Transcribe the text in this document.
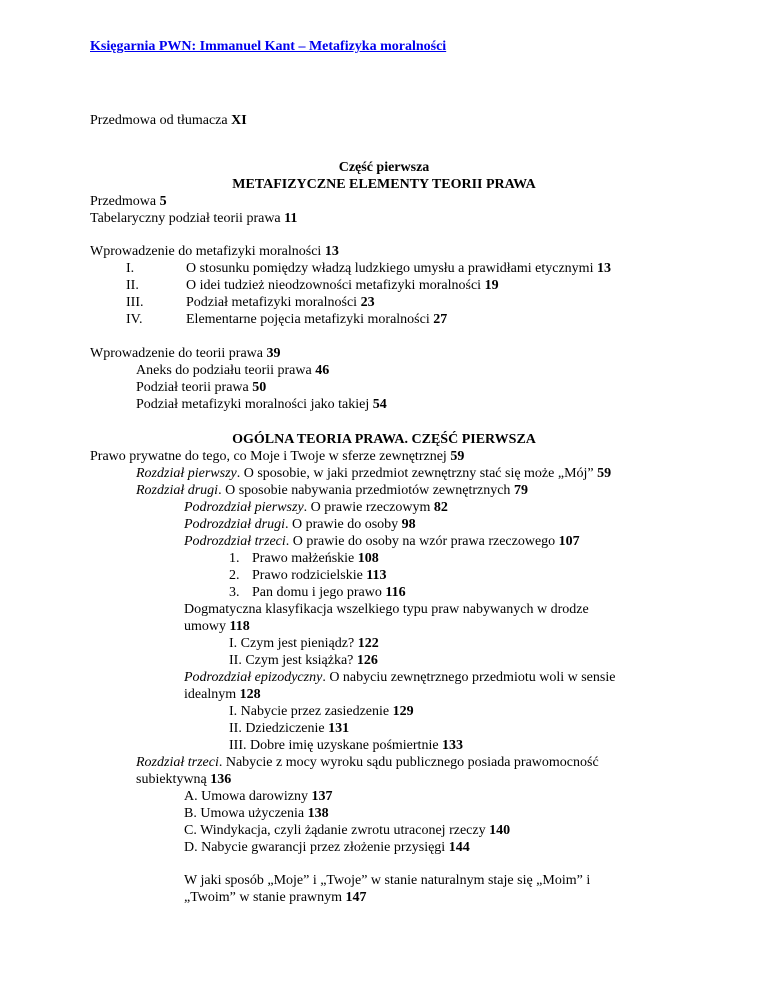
Księgarnia PWN: Immanuel Kant – Metafizyka moralności
Przedmowa od tłumacza XI
Część pierwsza
METAFIZYCZNE ELEMENTY TEORII PRAWA
Przedmowa 5
Tabelaryczny podział teorii prawa 11
Wprowadzenie do metafizyki moralności 13
I.	O stosunku pomiędzy władzą ludzkiego umysłu a prawidłami etycznymi 13
II.	O idei tudzież nieodzowności metafizyki moralności 19
III.	Podział metafizyki moralności 23
IV.	Elementarne pojęcia metafizyki moralności 27
Wprowadzenie do teorii prawa 39
Aneks do podziału teorii prawa 46
Podział teorii prawa 50
Podział metafizyki moralności jako takiej 54
OGÓLNA TEORIA PRAWA. CZĘŚĆ PIERWSZA
Prawo prywatne do tego, co Moje i Twoje w sferze zewnętrznej 59
Rozdział pierwszy. O sposobie, w jaki przedmiot zewnętrzny stać się może „Mój” 59
Rozdział drugi. O sposobie nabywania przedmiotów zewnętrznych 79
Podrozdział pierwszy. O prawie rzeczowym 82
Podrozdział drugi. O prawie do osoby 98
Podrozdział trzeci. O prawie do osoby na wzór prawa rzeczowego 107
1. Prawo małżeńskie 108
2. Prawo rodzicielskie 113
3. Pan domu i jego prawo 116
Dogmatyczna klasyfikacja wszelkiego typu praw nabywanych w drodze
umowy 118
I. Czym jest pieniądz? 122
II. Czym jest książka? 126
Podrozdział epizodyczny. O nabyciu zewnętrznego przedmiotu woli w sensie
idealnym 128
I. Nabycie przez zasiedzenie 129
II. Dziedziczenie 131
III. Dobre imię uzyskane pośmiertnie 133
Rozdział trzeci. Nabycie z mocy wyroku sądu publicznego posiada prawomocność
subiektywną 136
A. Umowa darowizny 137
B. Umowa użyczenia 138
C. Windykacja, czyli żądanie zwrotu utraconej rzeczy 140
D. Nabycie gwarancji przez złożenie przysięgi 144
W jaki sposób „Moje” i „Twoje” w stanie naturalnym staje się „Moim” i
„Twoim” w stanie prawnym 147
